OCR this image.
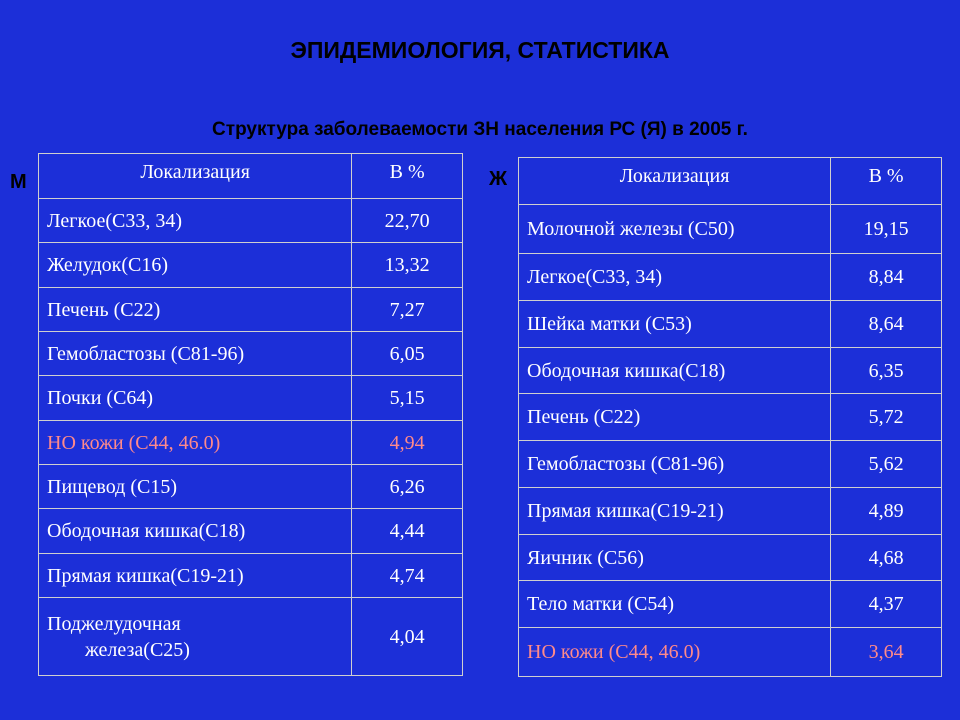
ЭПИДЕМИОЛОГИЯ, СТАТИСТИКА
Структура заболеваемости ЗН населения РС (Я) в 2005 г.
М	Ж
Локализация	В %
Легкое(С33, 34)	22,70
Желудок(С16)	13,32
Печень (С22)	7,27
Гемобластозы (С81-96)	6,05
Почки (С64)	5,15
НО кожи (С44, 46.0)	4,94
Пищевод (С15)	6,26
Ободочная кишка(С18)	4,44
Прямая кишка(С19-21)	4,74

Поджелудочная
железа(С25)	4,04
Локализация	В %
Молочной железы (С50)	19,15
Легкое(С33, 34)	8,84
Шейка матки (С53)	8,64
Ободочная кишка(С18)	6,35
Печень (С22)	5,72
Гемобластозы (С81-96)	5,62
Прямая кишка(С19-21)	4,89
Яичник (С56)	4,68
Тело матки (С54)	4,37
НО кожи (С44, 46.0)	3,64
